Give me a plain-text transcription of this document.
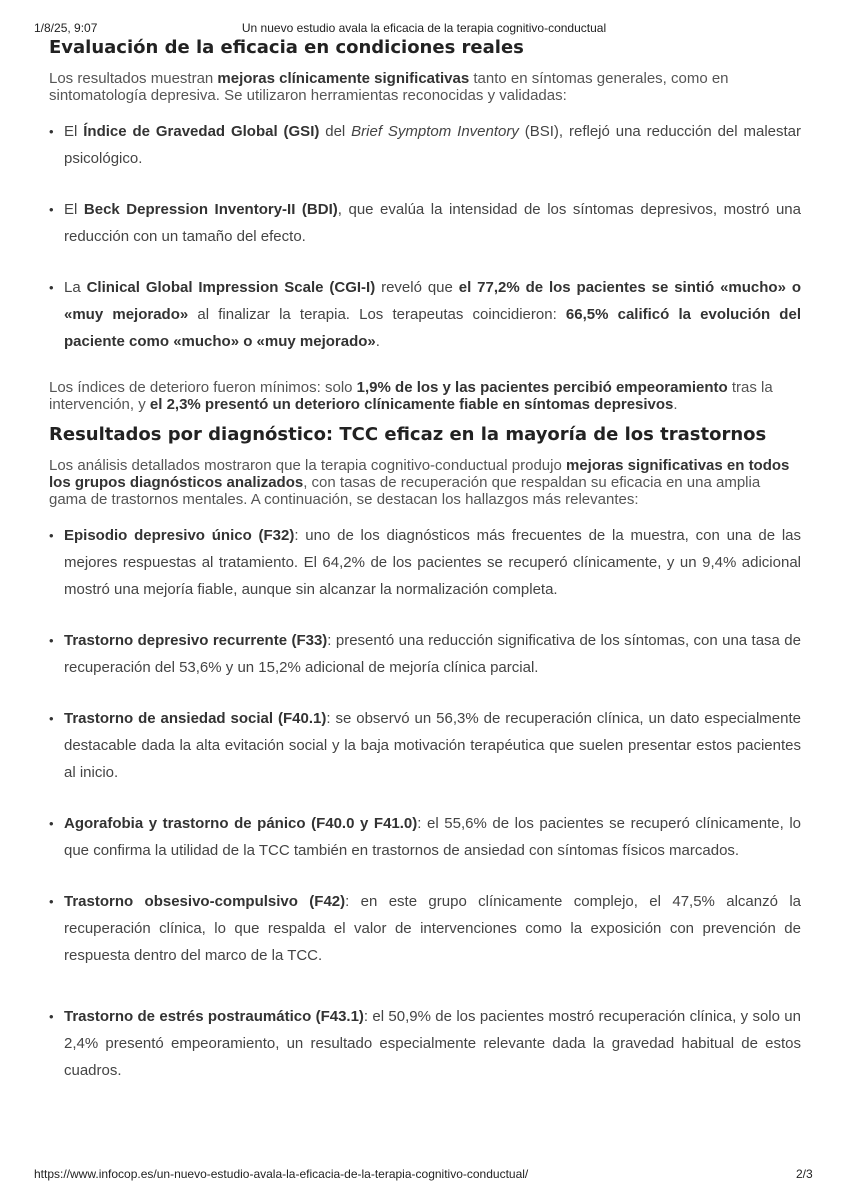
1/8/25, 9:07	Un nuevo estudio avala la eficacia de la terapia cognitivo-conductual
Evaluación de la eficacia en condiciones reales

Los resultados muestran mejoras clínicamente significativas tanto en síntomas generales, como en sintomatología depresiva. Se utilizaron herramientas reconocidas y validadas:

• El Índice de Gravedad Global (GSI) del Brief Symptom Inventory (BSI), reflejó una reducción del malestar psicológico.
• El Beck Depression Inventory-II (BDI), que evalúa la intensidad de los síntomas depresivos, mostró una reducción con un tamaño del efecto.
• La Clinical Global Impression Scale (CGI-I) reveló que el 77,2% de los pacientes se sintió «mucho» o «muy mejorado» al finalizar la terapia. Los terapeutas coincidieron: 66,5% calificó la evolución del paciente como «mucho» o «muy mejorado».

Los índices de deterioro fueron mínimos: solo 1,9% de los y las pacientes percibió empeoramiento tras la intervención, y el 2,3% presentó un deterioro clínicamente fiable en síntomas depresivos.

Resultados por diagnóstico: TCC eficaz en la mayoría de los trastornos

Los análisis detallados mostraron que la terapia cognitivo-conductual produjo mejoras significativas en todos los grupos diagnósticos analizados, con tasas de recuperación que respaldan su eficacia en una amplia gama de trastornos mentales. A continuación, se destacan los hallazgos más relevantes:

• Episodio depresivo único (F32): uno de los diagnósticos más frecuentes de la muestra, con una de las mejores respuestas al tratamiento. El 64,2% de los pacientes se recuperó clínicamente, y un 9,4% adicional mostró una mejoría fiable, aunque sin alcanzar la normalización completa.
• Trastorno depresivo recurrente (F33): presentó una reducción significativa de los síntomas, con una tasa de recuperación del 53,6% y un 15,2% adicional de mejoría clínica parcial.
• Trastorno de ansiedad social (F40.1): se observó un 56,3% de recuperación clínica, un dato especialmente destacable dada la alta evitación social y la baja motivación terapéutica que suelen presentar estos pacientes al inicio.
• Agorafobia y trastorno de pánico (F40.0 y F41.0): el 55,6% de los pacientes se recuperó clínicamente, lo que confirma la utilidad de la TCC también en trastornos de ansiedad con síntomas físicos marcados.
• Trastorno obsesivo-compulsivo (F42): en este grupo clínicamente complejo, el 47,5% alcanzó la recuperación clínica, lo que respalda el valor de intervenciones como la exposición con prevención de respuesta dentro del marco de la TCC.
• Trastorno de estrés postraumático (F43.1): el 50,9% de los pacientes mostró recuperación clínica, y solo un 2,4% presentó empeoramiento, un resultado especialmente relevante dada la gravedad habitual de estos cuadros.
https://www.infocop.es/un-nuevo-estudio-avala-la-eficacia-de-la-terapia-cognitivo-conductual/	2/3
